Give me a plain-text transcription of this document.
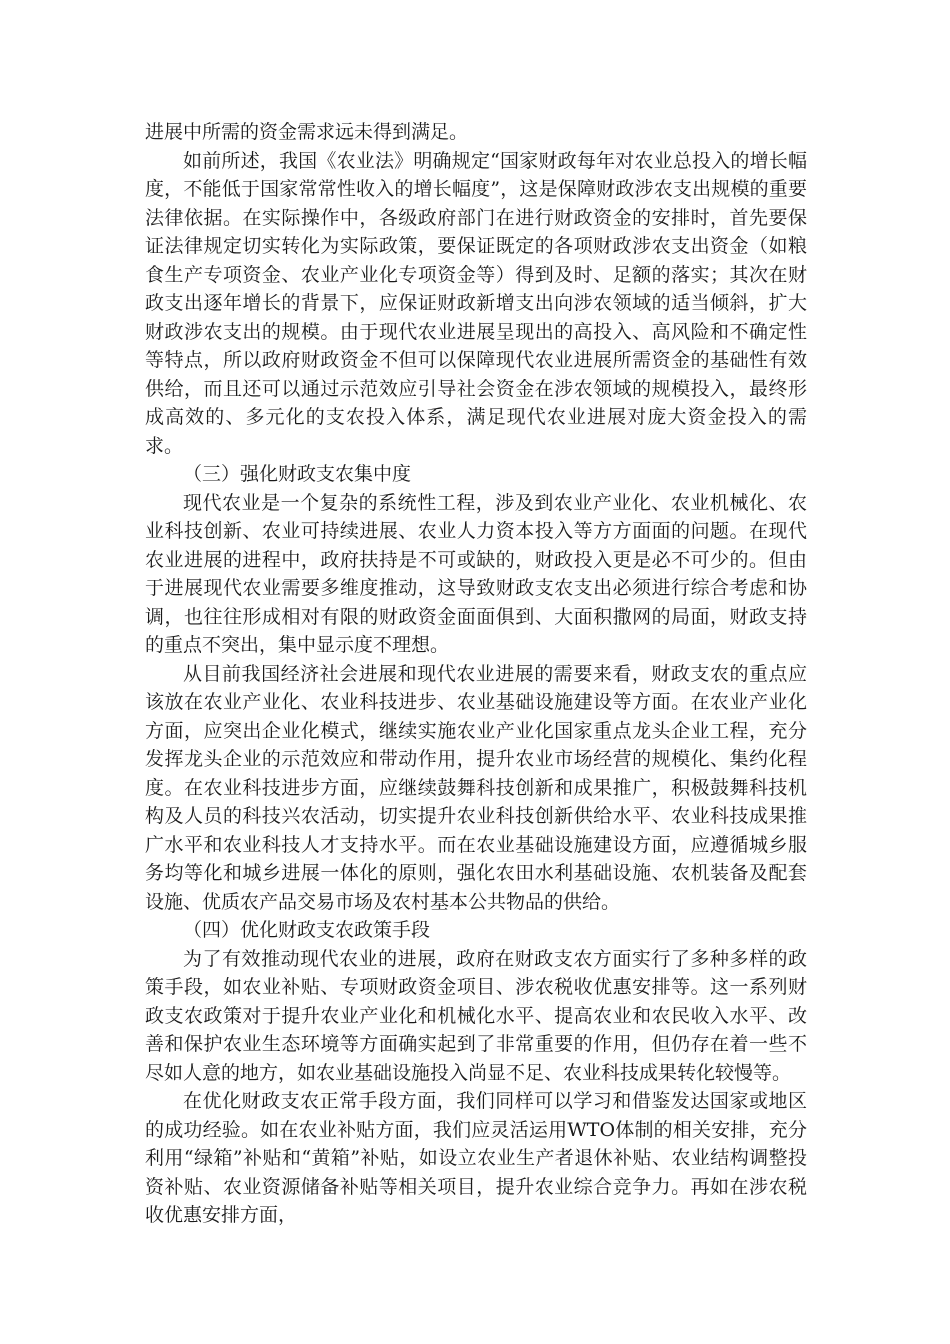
进展中所需的资金需求远未得到满足。

如前所述，我国《农业法》明确规定“国家财政每年对农业总投入的增长幅度，不能低于国家常常性收入的增长幅度”，这是保障财政涉农支出规模的重要法律依据。在实际操作中，各级政府部门在进行财政资金的安排时，首先要保证法律规定切实转化为实际政策，要保证既定的各项财政涉农支出资金（如粮食生产专项资金、农业产业化专项资金等）得到及时、足额的落实；其次在财政支出逐年增长的背景下，应保证财政新增支出向涉农领域的适当倾斜，扩大财政涉农支出的规模。由于现代农业进展呈现出的高投入、高风险和不确定性等特点，所以政府财政资金不但可以保障现代农业进展所需资金的基础性有效供给，而且还可以通过示范效应引导社会资金在涉农领域的规模投入，最终形成高效的、多元化的支农投入体系，满足现代农业进展对庞大资金投入的需求。

（三）强化财政支农集中度

现代农业是一个复杂的系统性工程，涉及到农业产业化、农业机械化、农业科技创新、农业可持续进展、农业人力资本投入等方方面面的问题。在现代农业进展的进程中，政府扶持是不可或缺的，财政投入更是必不可少的。但由于进展现代农业需要多维度推动，这导致财政支农支出必须进行综合考虑和协调，也往往形成相对有限的财政资金面面俱到、大面积撒网的局面，财政支持的重点不突出，集中显示度不理想。

从目前我国经济社会进展和现代农业进展的需要来看，财政支农的重点应该放在农业产业化、农业科技进步、农业基础设施建设等方面。在农业产业化方面，应突出企业化模式，继续实施农业产业化国家重点龙头企业工程，充分发挥龙头企业的示范效应和带动作用，提升农业市场经营的规模化、集约化程度。在农业科技进步方面，应继续鼓舞科技创新和成果推广，积极鼓舞科技机构及人员的科技兴农活动，切实提升农业科技创新供给水平、农业科技成果推广水平和农业科技人才支持水平。而在农业基础设施建设方面，应遵循城乡服务均等化和城乡进展一体化的原则，强化农田水利基础设施、农机装备及配套设施、优质农产品交易市场及农村基本公共物品的供给。

（四）优化财政支农政策手段

为了有效推动现代农业的进展，政府在财政支农方面实行了多种多样的政策手段，如农业补贴、专项财政资金项目、涉农税收优惠安排等。这一系列财政支农政策对于提升农业产业化和机械化水平、提高农业和农民收入水平、改善和保护农业生态环境等方面确实起到了非常重要的作用，但仍存在着一些不尽如人意的地方，如农业基础设施投入尚显不足、农业科技成果转化较慢等。

在优化财政支农正常手段方面，我们同样可以学习和借鉴发达国家或地区的成功经验。如在农业补贴方面，我们应灵活运用WTO体制的相关安排，充分利用“绿箱”补贴和“黄箱”补贴，如设立农业生产者退休补贴、农业结构调整投资补贴、农业资源储备补贴等相关项目，提升农业综合竞争力。再如在涉农税收优惠安排方面，
